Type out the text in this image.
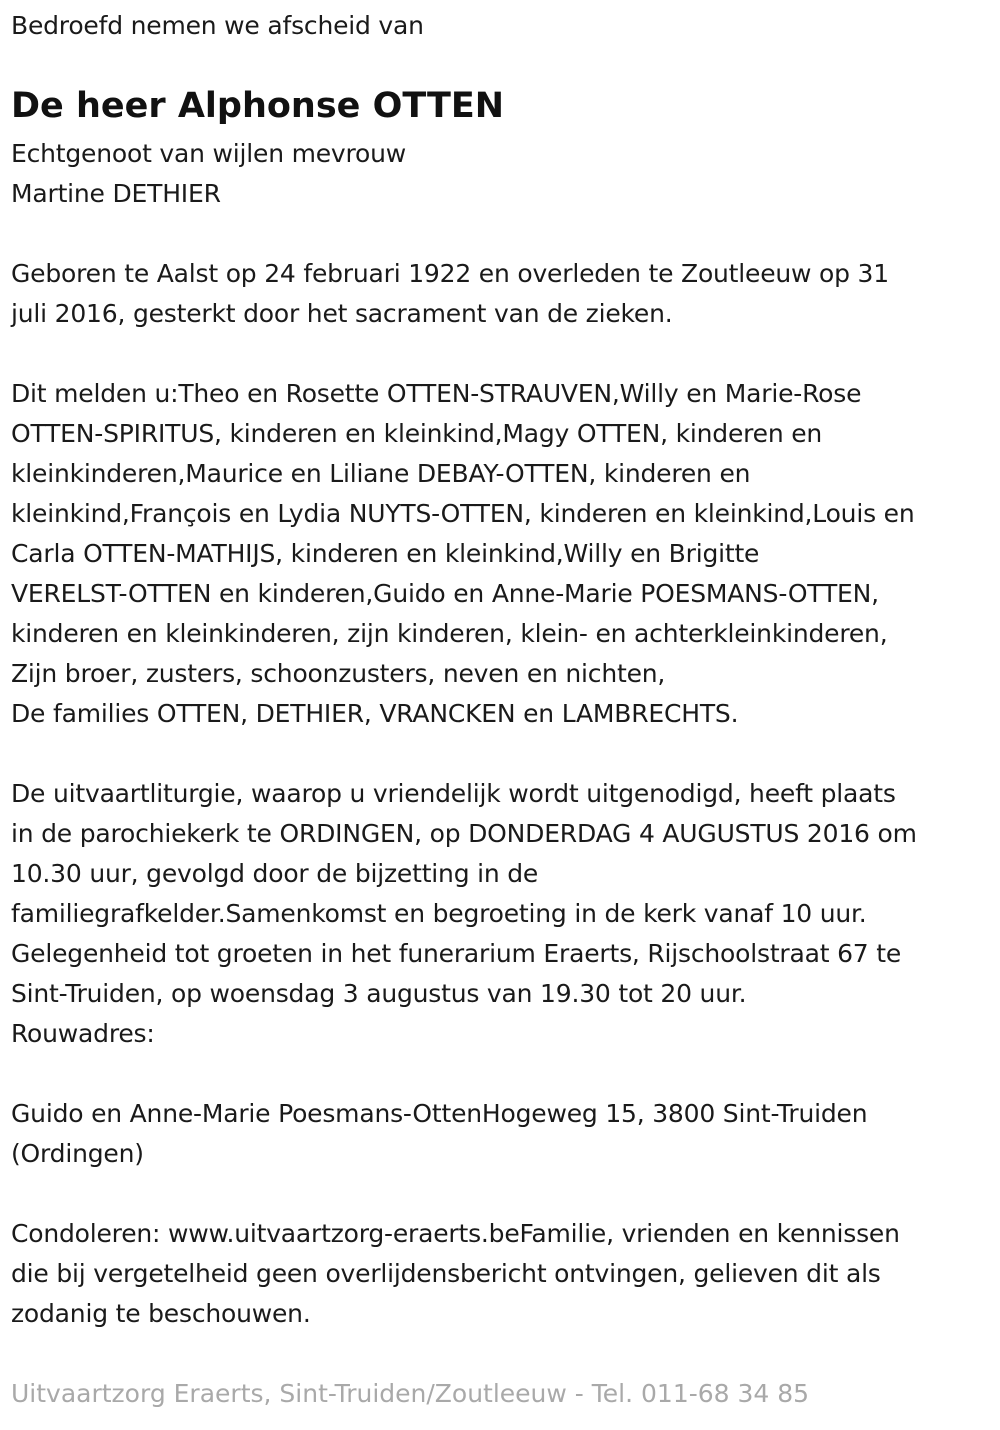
Bedroefd nemen we afscheid van

De heer Alphonse OTTEN

Echtgenoot van wijlen mevrouw

Martine DETHIER

Geboren te Aalst op 24 februari 1922 en overleden te Zoutleeuw op 31

juli 2016, gesterkt door het sacrament van de zieken.

Dit melden u:Theo en Rosette OTTEN-STRAUVEN,Willy en Marie-Rose

OTTEN-SPIRITUS, kinderen en kleinkind,Magy OTTEN, kinderen en

kleinkinderen,Maurice en Liliane DEBAY-OTTEN, kinderen en

kleinkind,François en Lydia NUYTS-OTTEN, kinderen en kleinkind,Louis en

Carla OTTEN-MATHIJS, kinderen en kleinkind,Willy en Brigitte

VERELST-OTTEN en kinderen,Guido en Anne-Marie POESMANS-OTTEN,

kinderen en kleinkinderen, zijn kinderen, klein- en achterkleinkinderen,

Zijn broer, zusters, schoonzusters, neven en nichten,

De families OTTEN, DETHIER, VRANCKEN en LAMBRECHTS.

De uitvaartliturgie, waarop u vriendelijk wordt uitgenodigd, heeft plaats

in de parochiekerk te ORDINGEN, op DONDERDAG 4 AUGUSTUS 2016 om

10.30 uur, gevolgd door de bijzetting in de

familiegrafkelder.Samenkomst en begroeting in de kerk vanaf 10 uur.

Gelegenheid tot groeten in het funerarium Eraerts, Rijschoolstraat 67 te

Sint-Truiden, op woensdag 3 augustus van 19.30 tot 20 uur.

Rouwadres:

Guido en Anne-Marie Poesmans-OttenHogeweg 15, 3800 Sint-Truiden

(Ordingen)

Condoleren: www.uitvaartzorg-eraerts.beFamilie, vrienden en kennissen

die bij vergetelheid geen overlijdensbericht ontvingen, gelieven dit als

zodanig te beschouwen.

Uitvaartzorg Eraerts, Sint-Truiden/Zoutleeuw - Tel. 011-68 34 85
